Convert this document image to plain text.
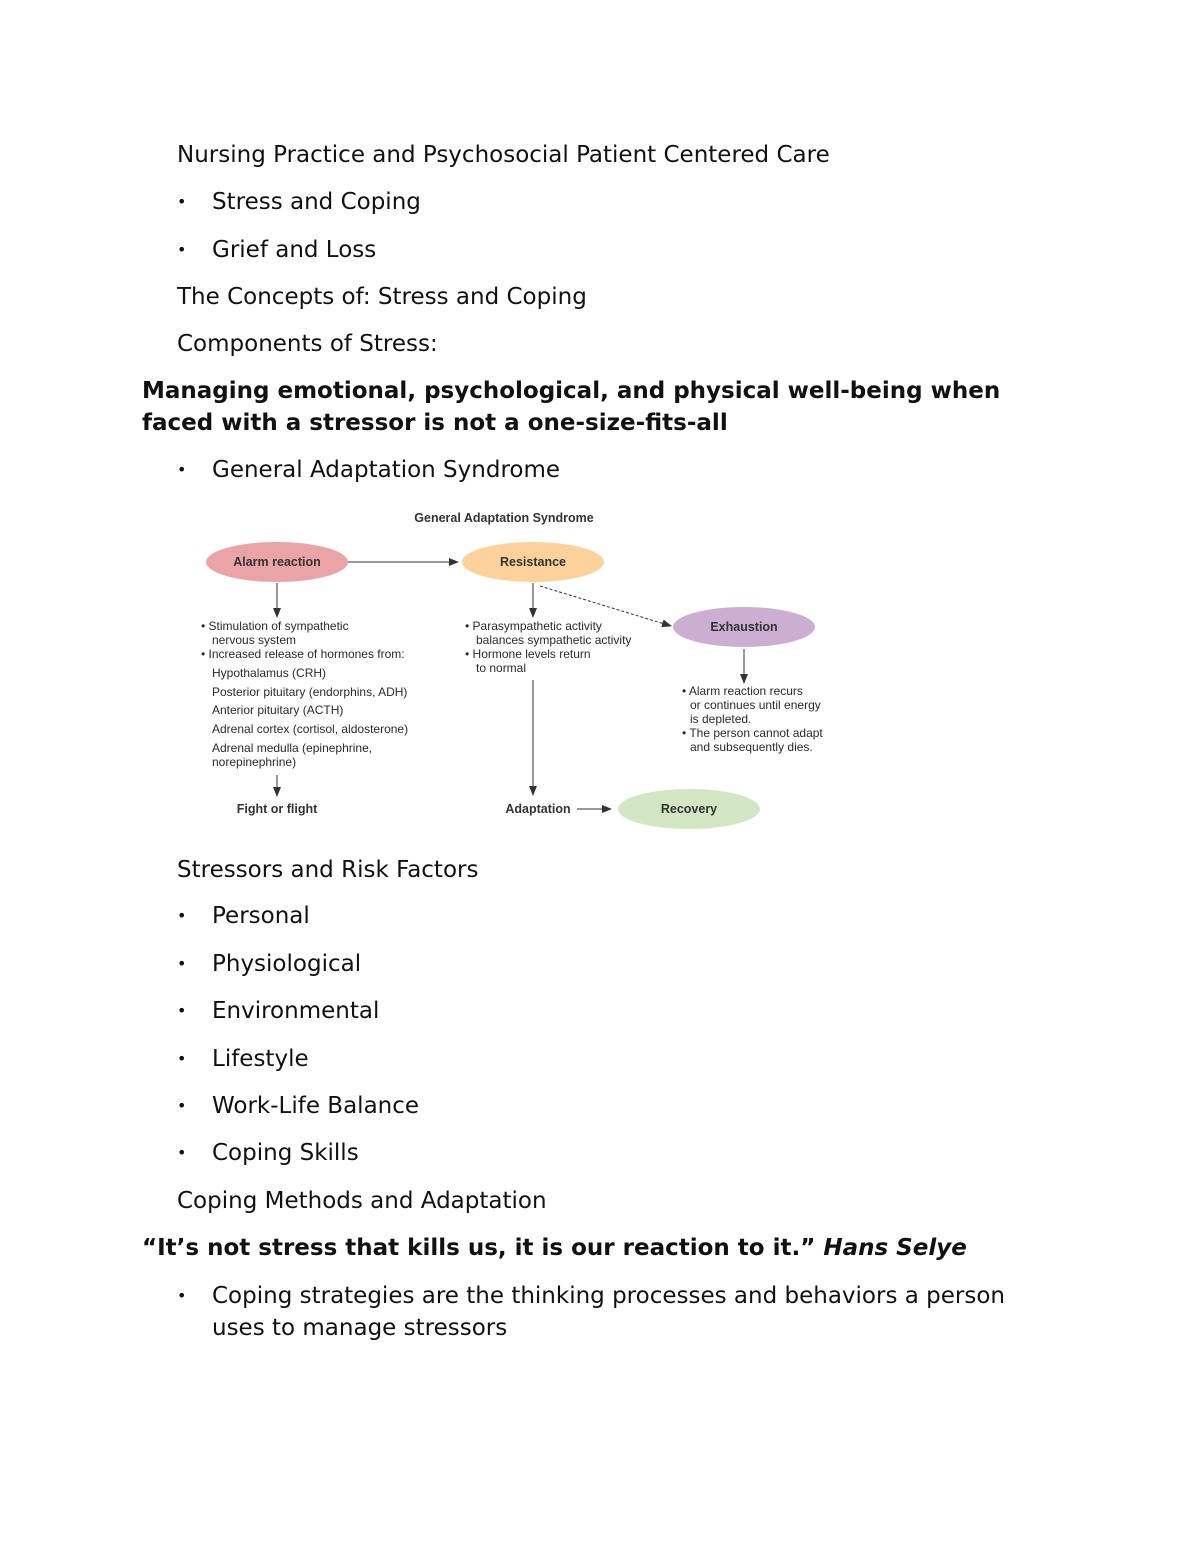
Nursing Practice and Psychosocial Patient Centered Care
• Stress and Coping
• Grief and Loss
The Concepts of: Stress and Coping
Components of Stress:
Managing emotional, psychological, and physical well-being when faced with a stressor is not a one-size-fits-all
• General Adaptation Syndrome
General Adaptation Syndrome
Alarm reaction	Resistance
Exhaustion
Recovery
• Stimulation of sympathetic
nervous system
• Increased release of hormones from:
Hypothalamus (CRH)
Posterior pituitary (endorphins, ADH)
Anterior pituitary (ACTH)
Adrenal cortex (cortisol, aldosterone)
Adrenal medulla (epinephrine,
norepinephrine)
• Parasympathetic activity
balances sympathetic activity
• Hormone levels return
to normal
• Alarm reaction recurs
or continues until energy
is depleted.
• The person cannot adapt
and subsequently dies.
Fight or flight	Adaptation
Stressors and Risk Factors
• Personal
• Physiological
• Environmental
• Lifestyle
• Work-Life Balance
• Coping Skills
Coping Methods and Adaptation
“It’s not stress that kills us, it is our reaction to it.” Hans Selye
• Coping strategies are the thinking processes and behaviors a person uses to manage stressors
